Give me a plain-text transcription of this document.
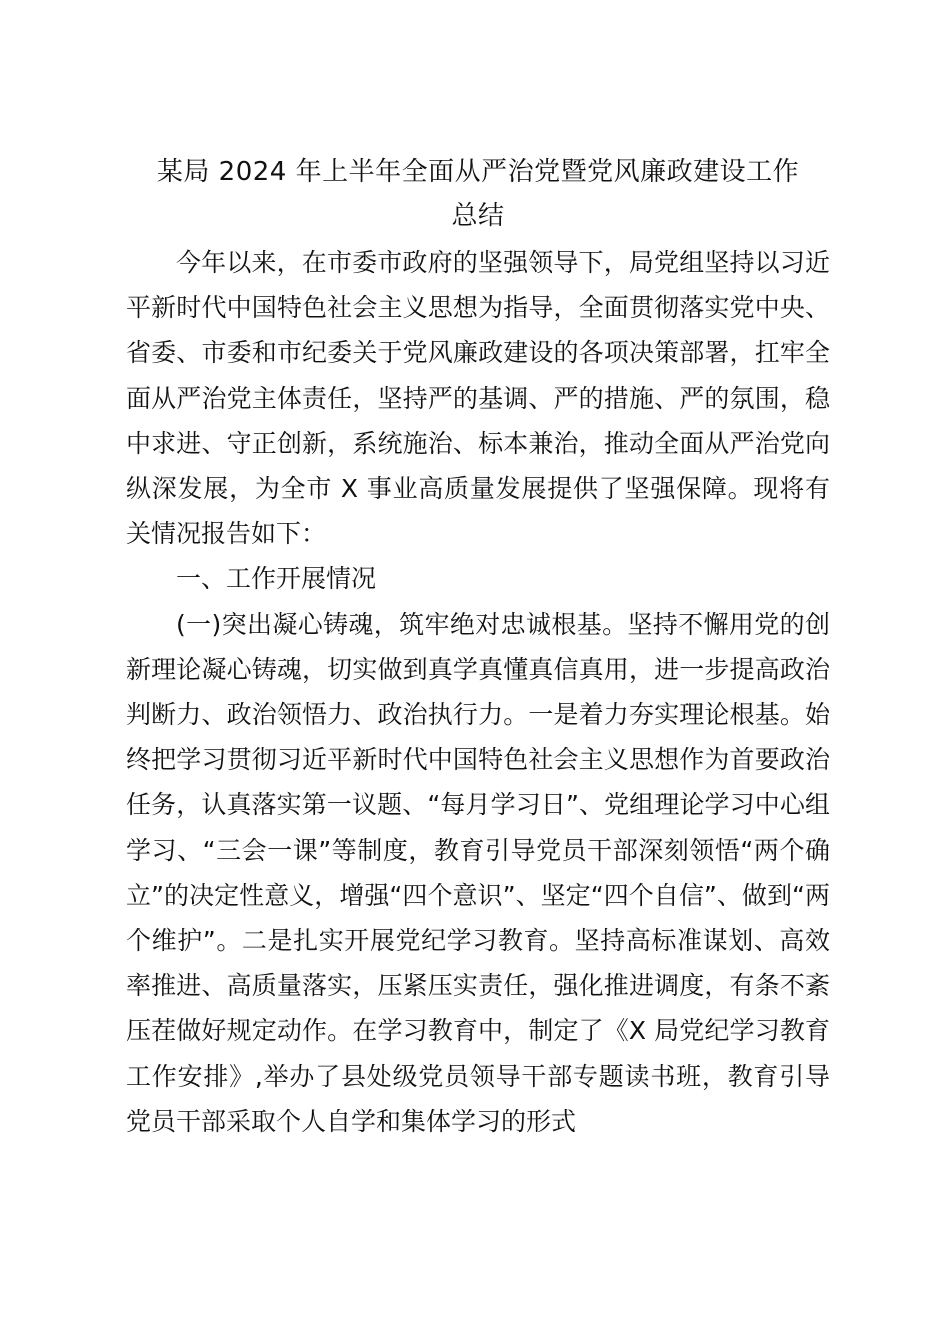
某局 2024 年上半年全面从严治党暨党风廉政建设工作
总结

今年以来，在市委市政府的坚强领导下，局党组坚持以习近平新时代中国特色社会主义思想为指导，全面贯彻落实党中央、省委、市委和市纪委关于党风廉政建设的各项决策部署，扛牢全面从严治党主体责任，坚持严的基调、严的措施、严的氛围，稳中求进、守正创新，系统施治、标本兼治，推动全面从严治党向纵深发展，为全市 X 事业高质量发展提供了坚强保障。现将有关情况报告如下：

一、工作开展情况

(一)突出凝心铸魂，筑牢绝对忠诚根基。坚持不懈用党的创新理论凝心铸魂，切实做到真学真懂真信真用，进一步提高政治判断力、政治领悟力、政治执行力。一是着力夯实理论根基。始终把学习贯彻习近平新时代中国特色社会主义思想作为首要政治任务，认真落实第一议题、“每月学习日”、党组理论学习中心组学习、“三会一课”等制度，教育引导党员干部深刻领悟“两个确立”的决定性意义，增强“四个意识”、坚定“四个自信”、做到“两个维护”。二是扎实开展党纪学习教育。坚持高标准谋划、高效率推进、高质量落实，压紧压实责任，强化推进调度，有条不紊压茬做好规定动作。在学习教育中，制定了《X 局党纪学习教育工作安排》,举办了县处级党员领导干部专题读书班，教育引导党员干部采取个人自学和集体学习的形式
